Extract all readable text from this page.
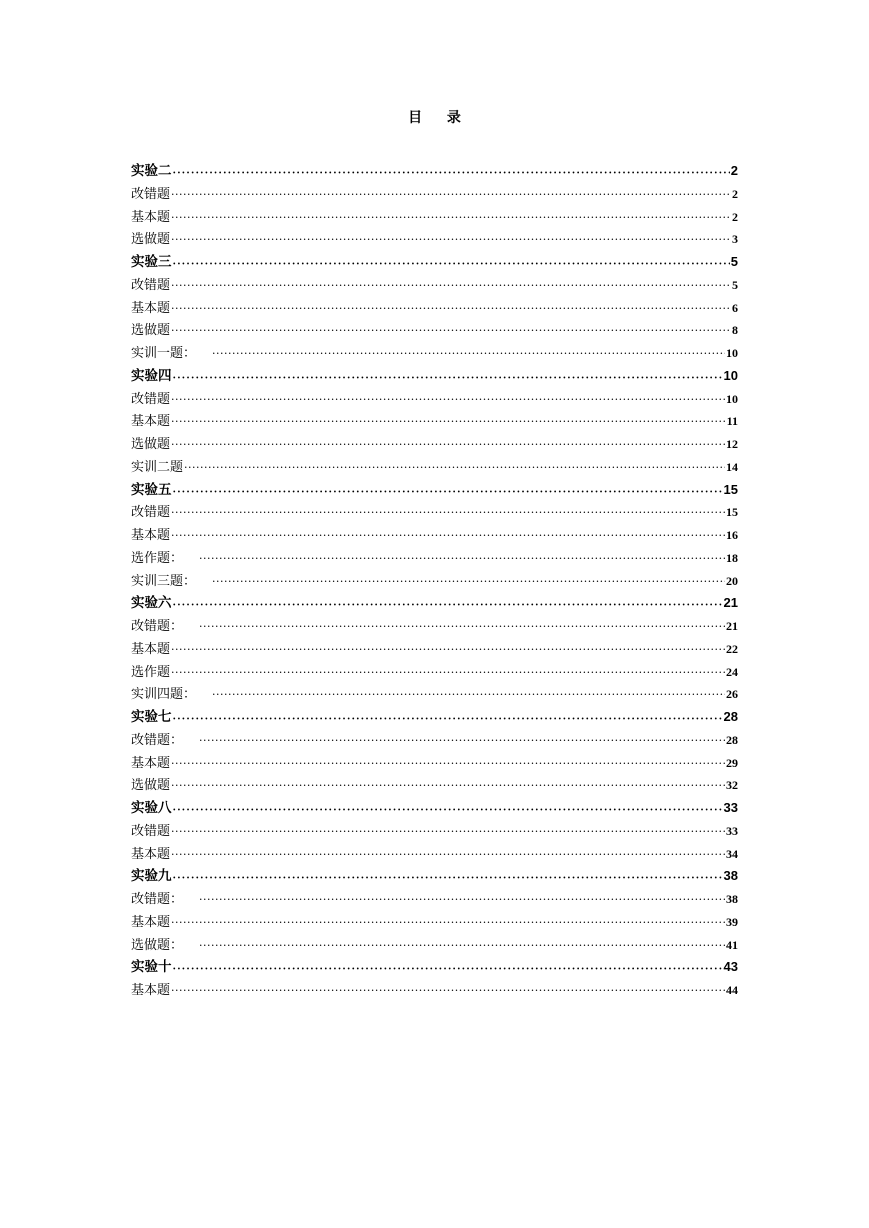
目 录
实验二 •••••	2
改错题 ·····	2
基本题 ·····	2
选做题 ·····	3
实验三 •••••	5
改错题 ·····	5
基本题 ·····	6
选做题 ·····	8
实训一题： ·····	10
实验四 •••••	10
改错题 ·····	10
基本题 ·····	11
选做题 ·····	12
实训二题 ·····	14
实验五 •••••	15
改错题 ·····	15
基本题 ·····	16
选作题： ·····	18
实训三题： ·····	20
实验六 •••••	21
改错题： ·····	21
基本题 ·····	22
选作题 ·····	24
实训四题： ·····	26
实验七 •••••	28
改错题： ·····	28
基本题 ·····	29
选做题 ·····	32
实验八 •••••	33
改错题 ·····	33
基本题 ·····	34
实验九 •••••	38
改错题： ·····	38
基本题 ·····	39
选做题： ·····	41
实验十 •••••	43
基本题 ·····	44
